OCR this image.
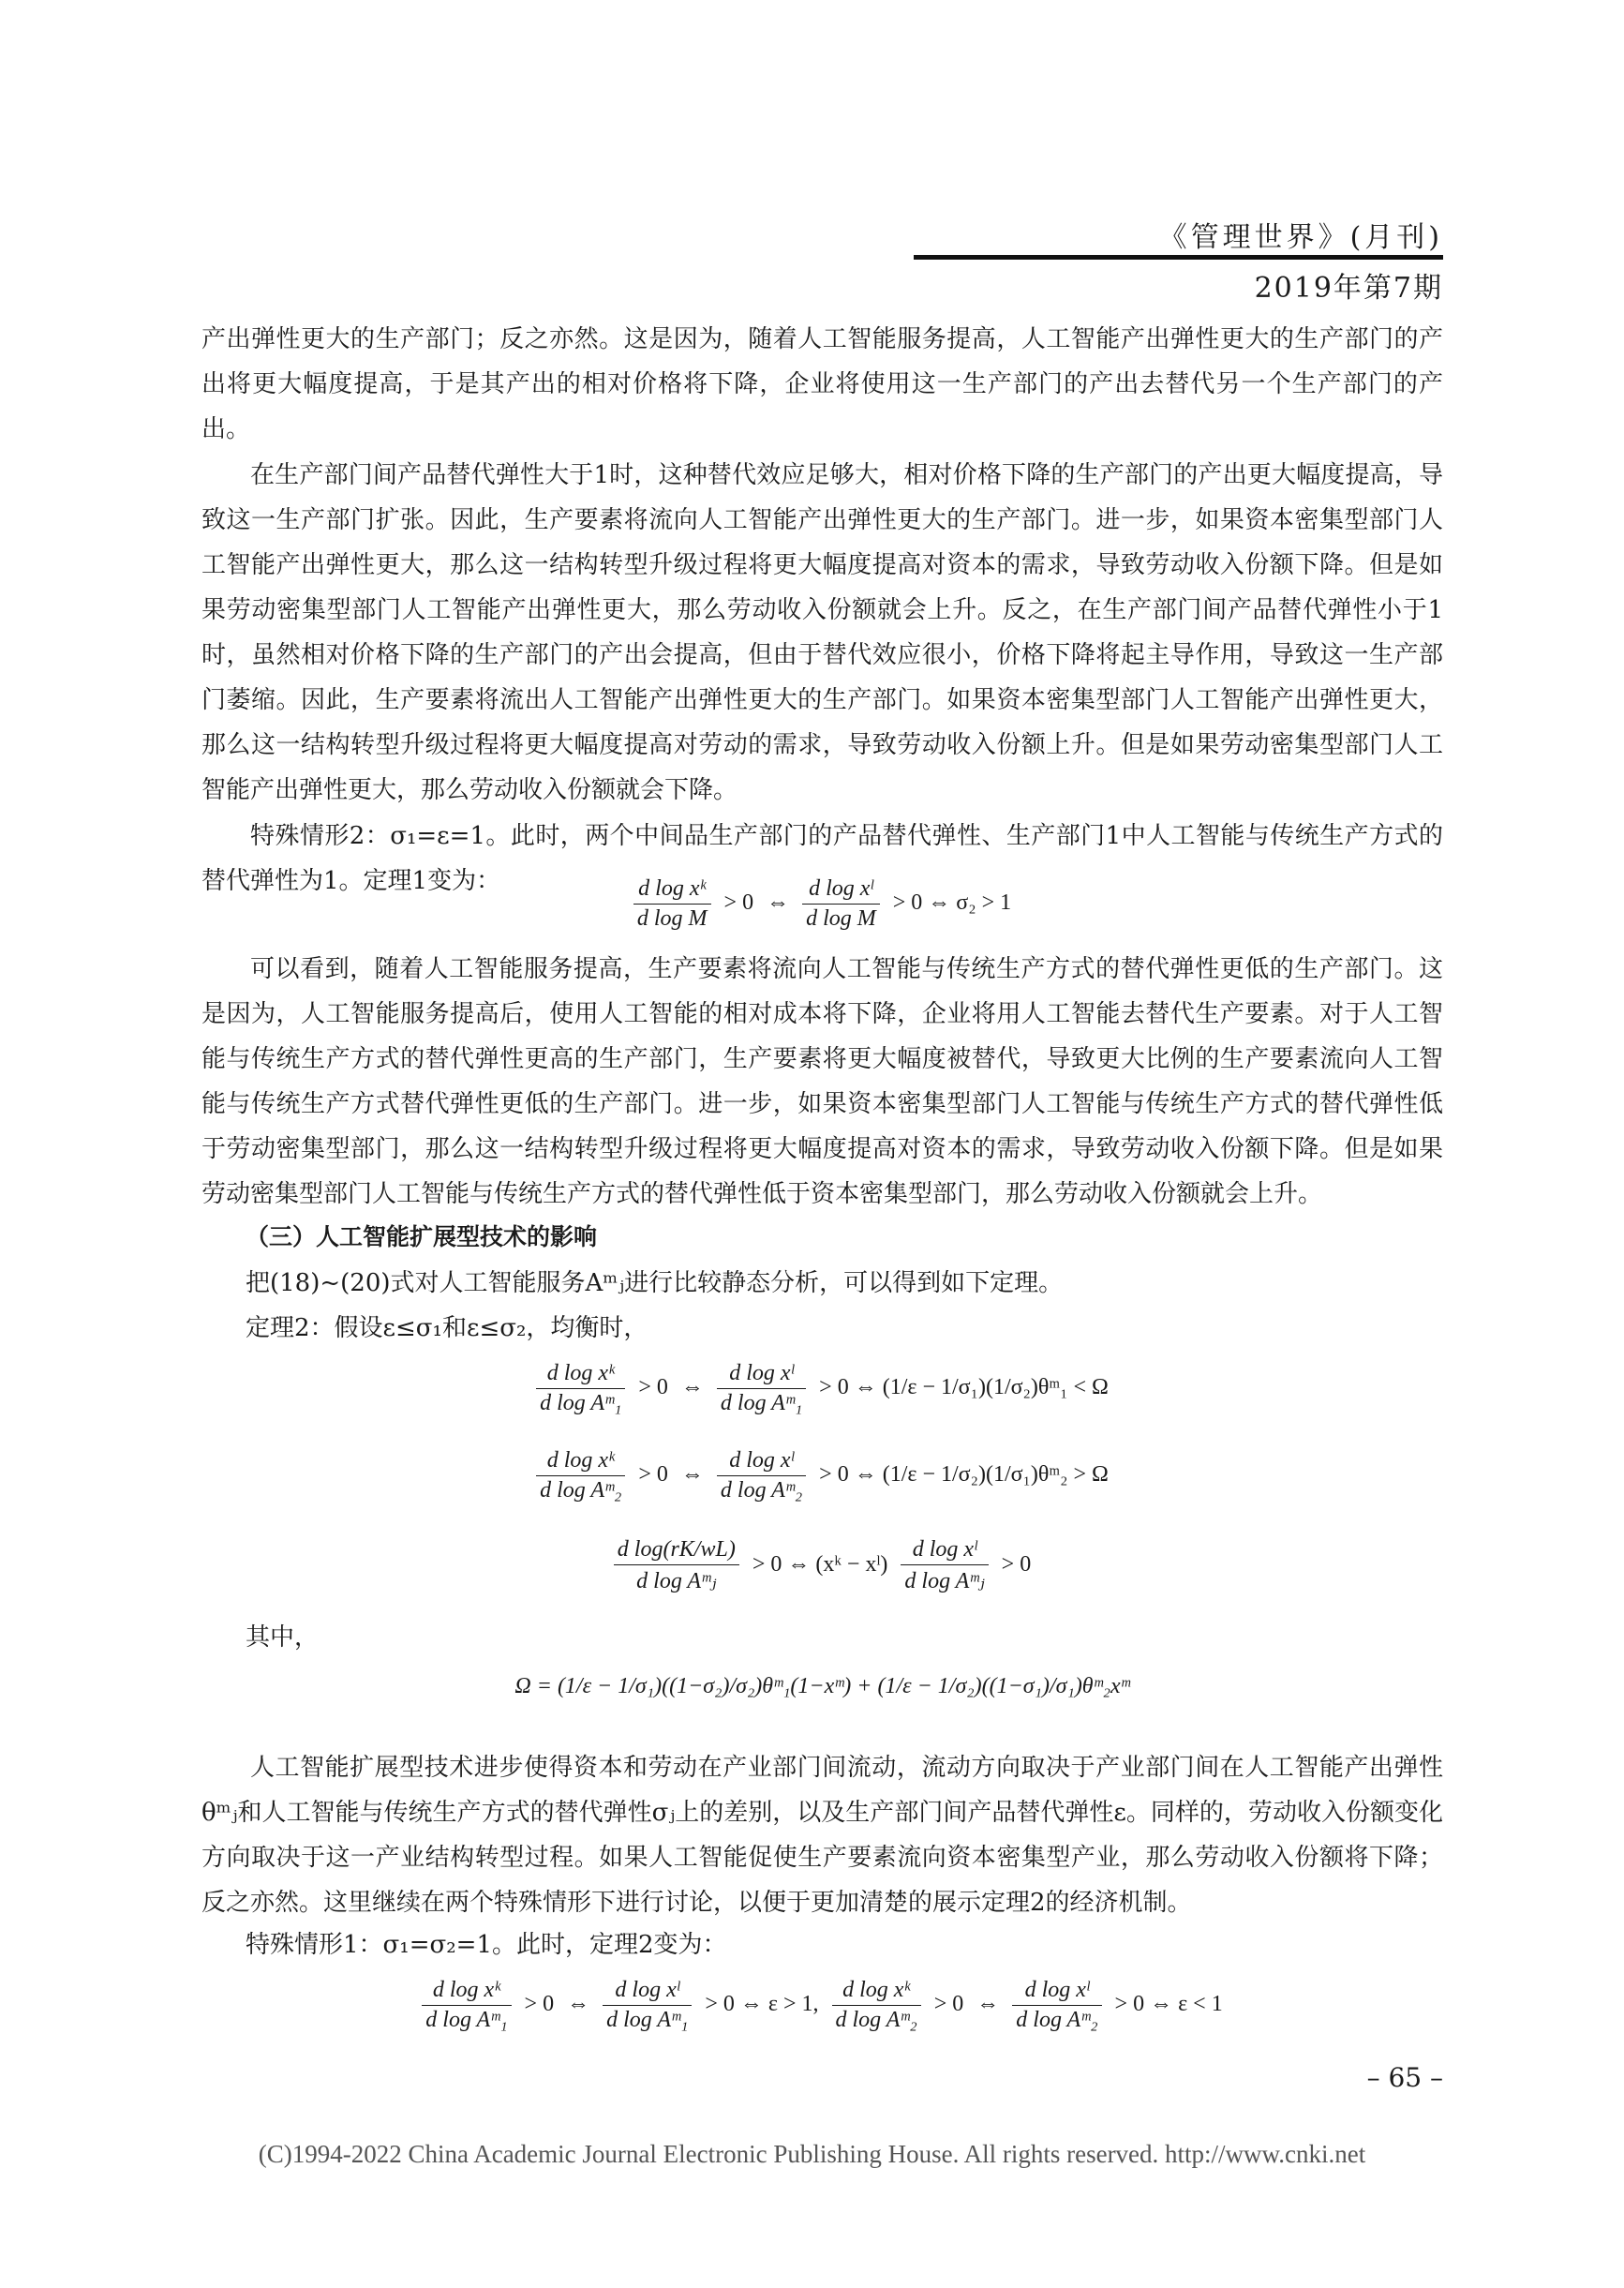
《管理世界》(月刊)
2019年第7期

产出弹性更大的生产部门；反之亦然。这是因为，随着人工智能服务提高，人工智能产出弹性更大的生产部门的产出将更大幅度提高，于是其产出的相对价格将下降，企业将使用这一生产部门的产出去替代另一个生产部门的产出。

在生产部门间产品替代弹性大于1时，这种替代效应足够大，相对价格下降的生产部门的产出更大幅度提高，导致这一生产部门扩张。因此，生产要素将流向人工智能产出弹性更大的生产部门。进一步，如果资本密集型部门人工智能产出弹性更大，那么这一结构转型升级过程将更大幅度提高对资本的需求，导致劳动收入份额下降。但是如果劳动密集型部门人工智能产出弹性更大，那么劳动收入份额就会上升。反之，在生产部门间产品替代弹性小于1时，虽然相对价格下降的生产部门的产出会提高，但由于替代效应很小，价格下降将起主导作用，导致这一生产部门萎缩。因此，生产要素将流出人工智能产出弹性更大的生产部门。如果资本密集型部门人工智能产出弹性更大，那么这一结构转型升级过程将更大幅度提高对劳动的需求，导致劳动收入份额上升。但是如果劳动密集型部门人工智能产出弹性更大，那么劳动收入份额就会下降。

特殊情形2：σ₁=ε=1。此时，两个中间品生产部门的产品替代弹性、生产部门1中人工智能与传统生产方式的替代弹性为1。定理1变为：	$\frac{\text{d log xᵏ}}{\text{d log M}} > 0$ ⇔ $\frac{\text{d log xˡ}}{\text{d log M}} > 0$ ⇔ σ₂ > 1

可以看到，随着人工智能服务提高，生产要素将流向人工智能与传统生产方式的替代弹性更低的生产部门。这是因为，人工智能服务提高后，使用人工智能的相对成本将下降，企业将用人工智能去替代生产要素。对于人工智能与传统生产方式的替代弹性更高的生产部门，生产要素将更大幅度被替代，导致更大比例的生产要素流向人工智能与传统生产方式替代弹性更低的生产部门。进一步，如果资本密集型部门人工智能与传统生产方式的替代弹性低于劳动密集型部门，那么这一结构转型升级过程将更大幅度提高对资本的需求，导致劳动收入份额下降。但是如果劳动密集型部门人工智能与传统生产方式的替代弹性低于资本密集型部门，那么劳动收入份额就会上升。

（三）人工智能扩展型技术的影响

把(18)~(20)式对人工智能服务Aᵐⱼ进行比较静态分析，可以得到如下定理。

定理2：假设ε≤σ₁和ε≤σ₂，均衡时，

$\frac{\text{d log xᵏ}}{\text{d log Aᵐ₁}} > 0$ ⇔ $\frac{\text{d log xˡ}}{\text{d log Aᵐ₁}} > 0$ ⇔ (1/ε − 1/σ₁)(1/σ₂)θᵐ₁ < Ω
$\frac{\text{d log xᵏ}}{\text{d log Aᵐ₂}} > 0$ ⇔ $\frac{\text{d log xˡ}}{\text{d log Aᵐ₂}} > 0$ ⇔ (1/ε − 1/σ₂)(1/σ₁)θᵐ₂ > Ω
$\frac{\text{d log(rK/wL)}}{\text{d log Aᵐⱼ}} > 0$ ⇔ (xᵏ − xˡ) $\frac{\text{d log xˡ}}{\text{d log Aᵐⱼ}} > 0$

其中，

Ω = (1/ε − 1/σ₁)((1−σ₂)/σ₂)θᵐ₁(1−xᵐ) + (1/ε − 1/σ₂)((1−σ₁)/σ₁)θᵐ₂xᵐ

人工智能扩展型技术进步使得资本和劳动在产业部门间流动，流动方向取决于产业部门间在人工智能产出弹性θᵐⱼ和人工智能与传统生产方式的替代弹性σⱼ上的差别，以及生产部门间产品替代弹性ε。同样的，劳动收入份额变化方向取决于这一产业结构转型过程。如果人工智能促使生产要素流向资本密集型产业，那么劳动收入份额将下降；反之亦然。这里继续在两个特殊情形下进行讨论，以便于更加清楚的展示定理2的经济机制。

特殊情形1：σ₁=σ₂=1。此时，定理2变为：

$\frac{\text{d log xᵏ}}{\text{d log Aᵐ₁}} > 0$ ⇔ $\frac{\text{d log xˡ}}{\text{d log Aᵐ₁}} > 0$ ⇔ ε > 1, $\frac{\text{d log xᵏ}}{\text{d log Aᵐ₂}} > 0$ ⇔ $\frac{\text{d log xˡ}}{\text{d log Aᵐ₂}} > 0$ ⇔ ε < 1
– 65 –
(C)1994-2022 China Academic Journal Electronic Publishing House. All rights reserved. http://www.cnki.net
